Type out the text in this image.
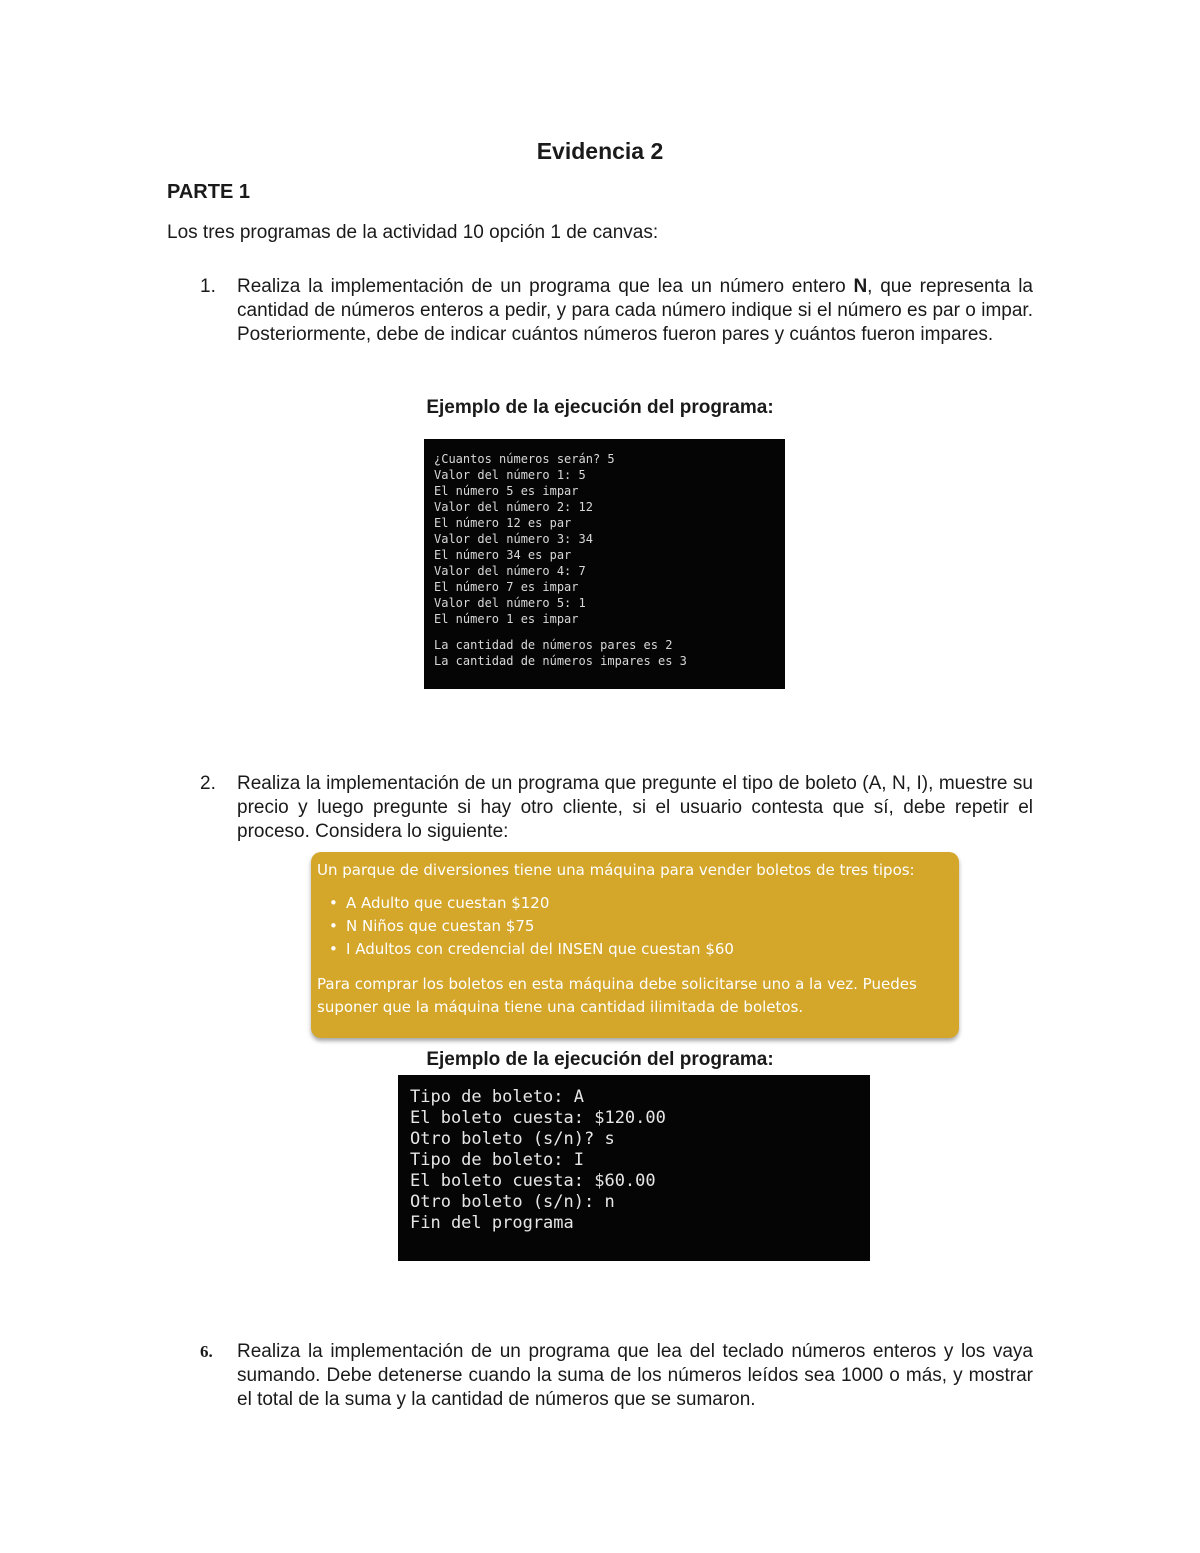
Evidencia 2
PARTE 1

Los tres programas de la actividad 10 opción 1 de canvas:

1.	Realiza la implementación de un programa que lea un número entero N, que representa la cantidad de números enteros a pedir, y para cada número indique si el número es par o impar. Posteriormente, debe de indicar cuántos números fueron pares y cuántos fueron impares.

Ejemplo de la ejecución del programa:

¿Cuantos números serán? 5
Valor del número 1: 5
El número 5 es impar
Valor del número 2: 12
El número 12 es par
Valor del número 3: 34
El número 34 es par
Valor del número 4: 7
El número 7 es impar
Valor del número 5: 1
El número 1 es impar
La cantidad de números pares es 2
La cantidad de números impares es 3
2.	Realiza la implementación de un programa que pregunte el tipo de boleto (A, N, I), muestre su precio y luego pregunte si hay otro cliente, si el usuario contesta que sí, debe repetir el proceso. Considera lo siguiente:

Un parque de diversiones tiene una máquina para vender boletos de tres tipos:

• A Adulto que cuestan $120
• N Niños que cuestan $75
• I Adultos con credencial del INSEN que cuestan $60

Para comprar los boletos en esta máquina debe solicitarse uno a la vez. Puedes suponer que la máquina tiene una cantidad ilimitada de boletos.

Ejemplo de la ejecución del programa:

Tipo de boleto: A
El boleto cuesta: $120.00
Otro boleto (s/n)? s
Tipo de boleto: I
El boleto cuesta: $60.00
Otro boleto (s/n): n
Fin del programa
6.	Realiza la implementación de un programa que lea del teclado números enteros y los vaya sumando. Debe detenerse cuando la suma de los números leídos sea 1000 o más, y mostrar el total de la suma y la cantidad de números que se sumaron.
